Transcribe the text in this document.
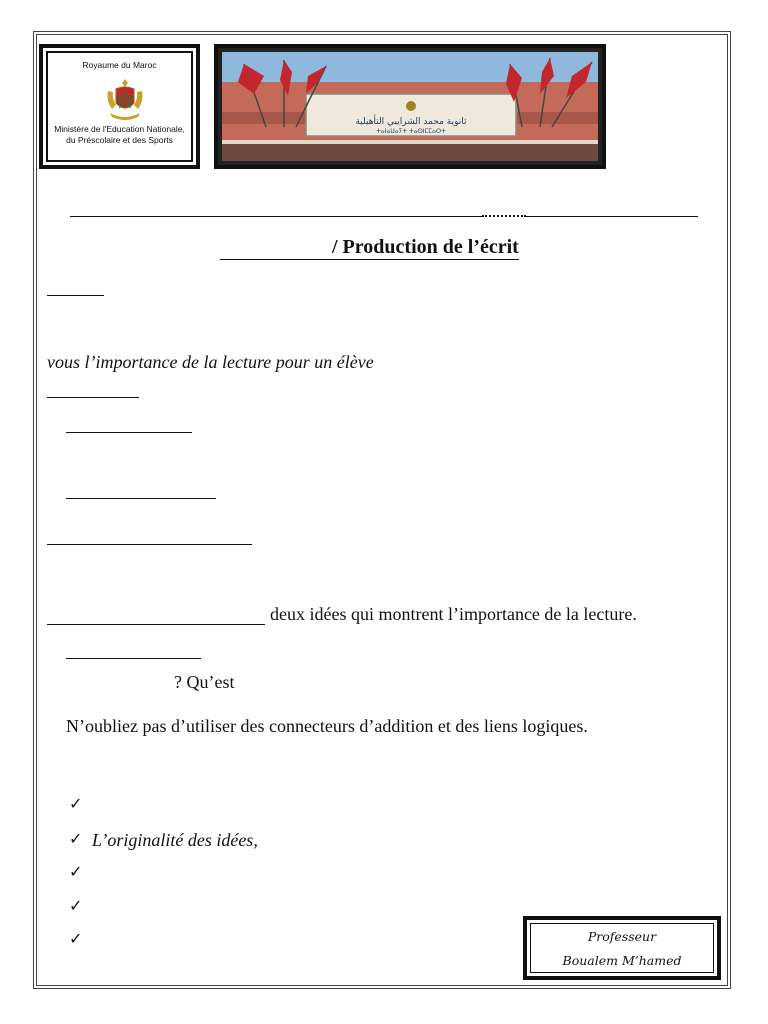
Royaume du Maroc
Ministère de l'Education Nationale,
du Préscolaire et des Sports
ثانوية محمد الشرايبي التأهيلية
ⵜⴰⵏⴰⵡⴰⵢⵜ ⵜⴰⵙⵏⵎⵎⴰⵔⵜ
/ Production de l’écrit
vous l’importance de la lecture pour un élève
deux idées qui montrent l’importance de la lecture.
? Qu’est
N’oubliez pas d’utiliser des connecteurs d’addition et des liens logiques.
✓
✓ L’originalité des idées,
✓
✓
✓	Professeur
Boualem M’hamed
